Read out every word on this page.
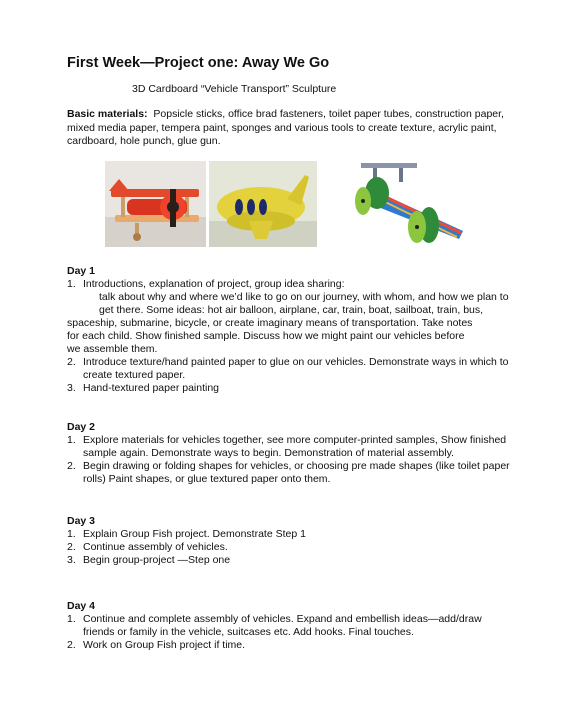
First Week—Project one: Away We Go
3D Cardboard “Vehicle Transport” Sculpture
Basic materials: Popsicle sticks, office brad fasteners, toilet paper tubes, construction paper,
mixed media paper, tempera paint, sponges and various tools to create texture, acrylic paint,
cardboard, hole punch, glue gun.
Day 1
1. Introductions, explanation of project, group idea sharing:
talk about why and where we’d like to go on our journey, with whom, and how we plan to
get there. Some ideas: hot air balloon, airplane, car, train, boat, sailboat, train, bus,
spaceship, submarine, bicycle, or create imaginary means of transportation. Take notes
for each child. Show finished sample. Discuss how we might paint our vehicles before
we assemble them.
2. Introduce texture/hand painted paper to glue on our vehicles. Demonstrate ways in which to
create textured paper.
3. Hand-textured paper painting
Day 2
1. Explore materials for vehicles together, see more computer-printed samples, Show finished
sample again. Demonstrate ways to begin. Demonstration of material assembly.
2. Begin drawing or folding shapes for vehicles, or choosing pre made shapes (like toilet paper
rolls) Paint shapes, or glue textured paper onto them.
Day 3
1. Explain Group Fish project. Demonstrate Step 1
2. Continue assembly of vehicles.
3. Begin group-project —Step one
Day 4
1. Continue and complete assembly of vehicles. Expand and embellish ideas—add/draw
friends or family in the vehicle, suitcases etc. Add hooks. Final touches.
2. Work on Group Fish project if time.
